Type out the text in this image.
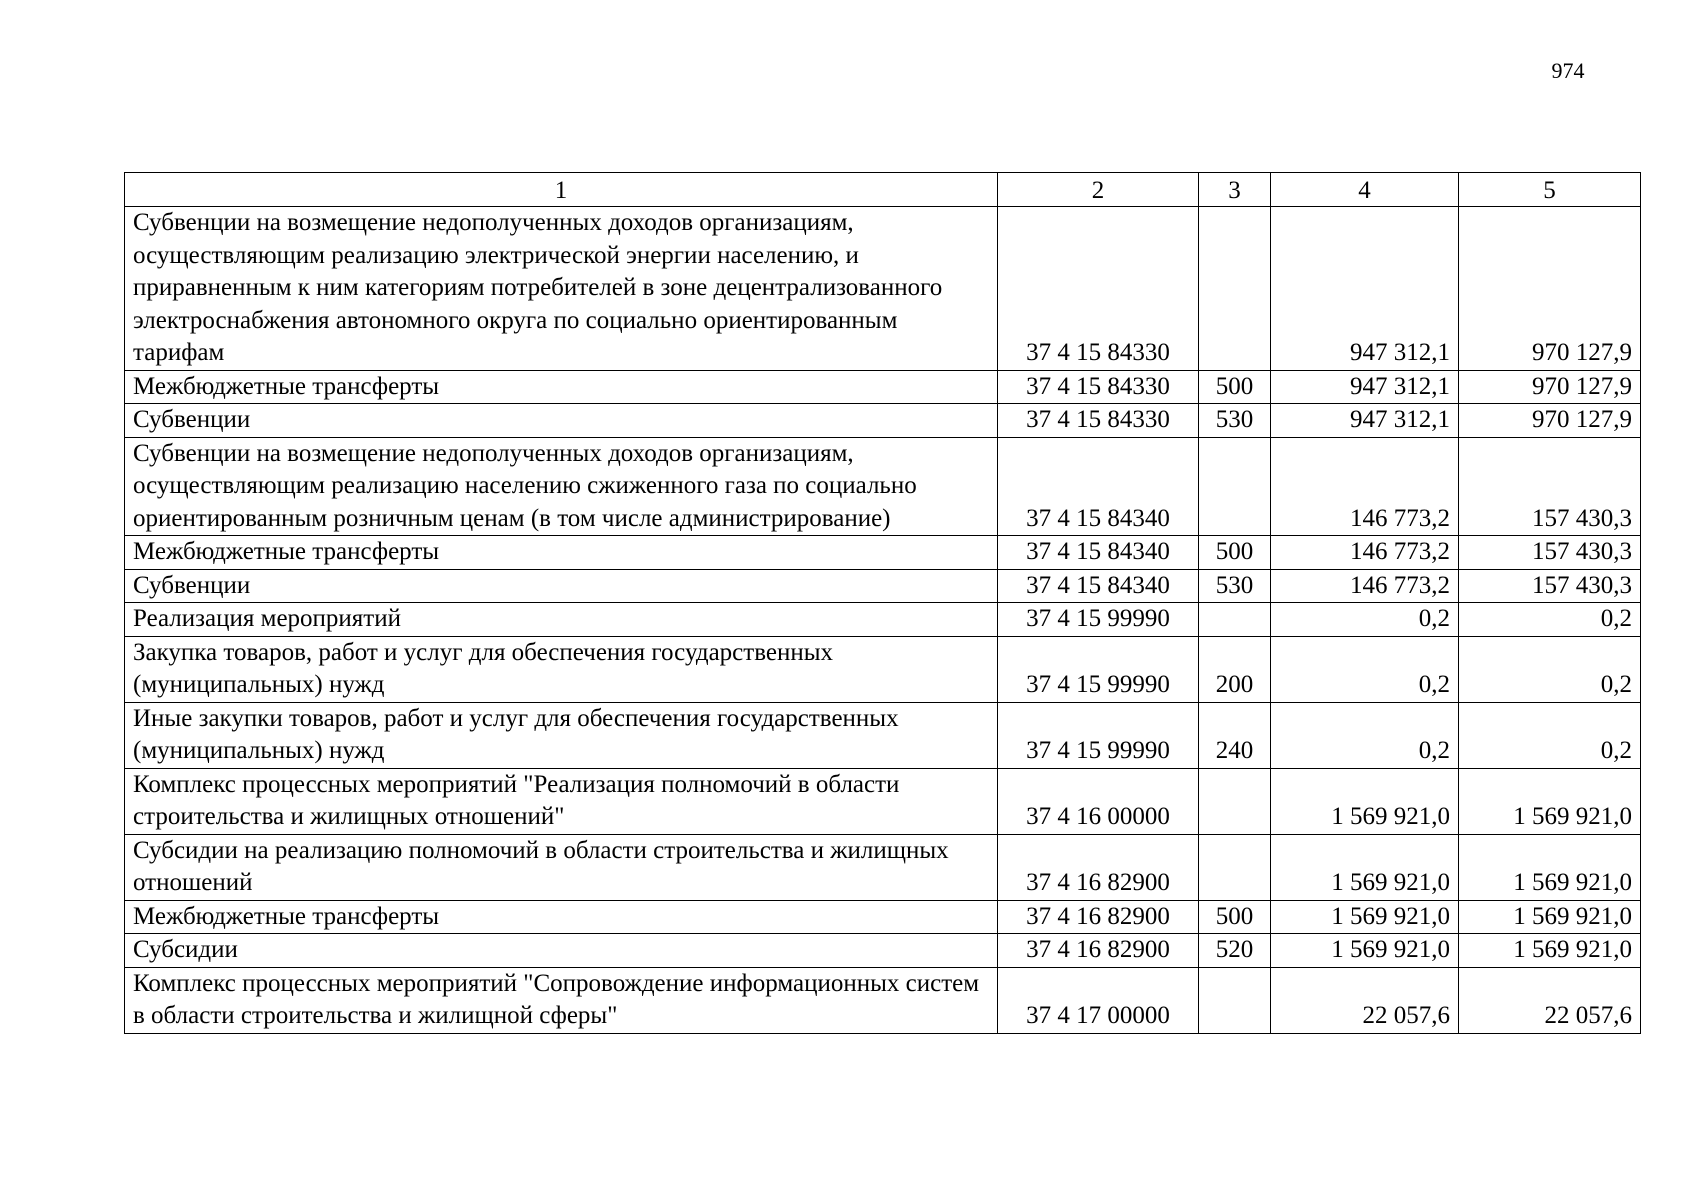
974
1	2	3	4	5
Субвенции на возмещение недополученных доходов организациям, осуществляющим реализацию электрической энергии населению, и приравненным к ним категориям потребителей в зоне децентрализованного электроснабжения автономного округа по социально ориентированным тарифам	37 4 15 84330		947 312,1	970 127,9
Межбюджетные трансферты	37 4 15 84330	500	947 312,1	970 127,9
Субвенции	37 4 15 84330	530	947 312,1	970 127,9
Субвенции на возмещение недополученных доходов организациям, осуществляющим реализацию населению сжиженного газа по социально ориентированным розничным ценам (в том числе администрирование)	37 4 15 84340		146 773,2	157 430,3
Межбюджетные трансферты	37 4 15 84340	500	146 773,2	157 430,3
Субвенции	37 4 15 84340	530	146 773,2	157 430,3
Реализация мероприятий	37 4 15 99990		0,2	0,2
Закупка товаров, работ и услуг для обеспечения государственных (муниципальных) нужд	37 4 15 99990	200	0,2	0,2
Иные закупки товаров, работ и услуг для обеспечения государственных (муниципальных) нужд	37 4 15 99990	240	0,2	0,2
Комплекс процессных мероприятий "Реализация полномочий в области строительства и жилищных отношений"	37 4 16 00000		1 569 921,0	1 569 921,0
Субсидии на реализацию полномочий в области строительства и жилищных отношений	37 4 16 82900		1 569 921,0	1 569 921,0
Межбюджетные трансферты	37 4 16 82900	500	1 569 921,0	1 569 921,0
Субсидии	37 4 16 82900	520	1 569 921,0	1 569 921,0
Комплекс процессных мероприятий "Сопровождение информационных систем в области строительства и жилищной сферы"	37 4 17 00000		22 057,6	22 057,6
